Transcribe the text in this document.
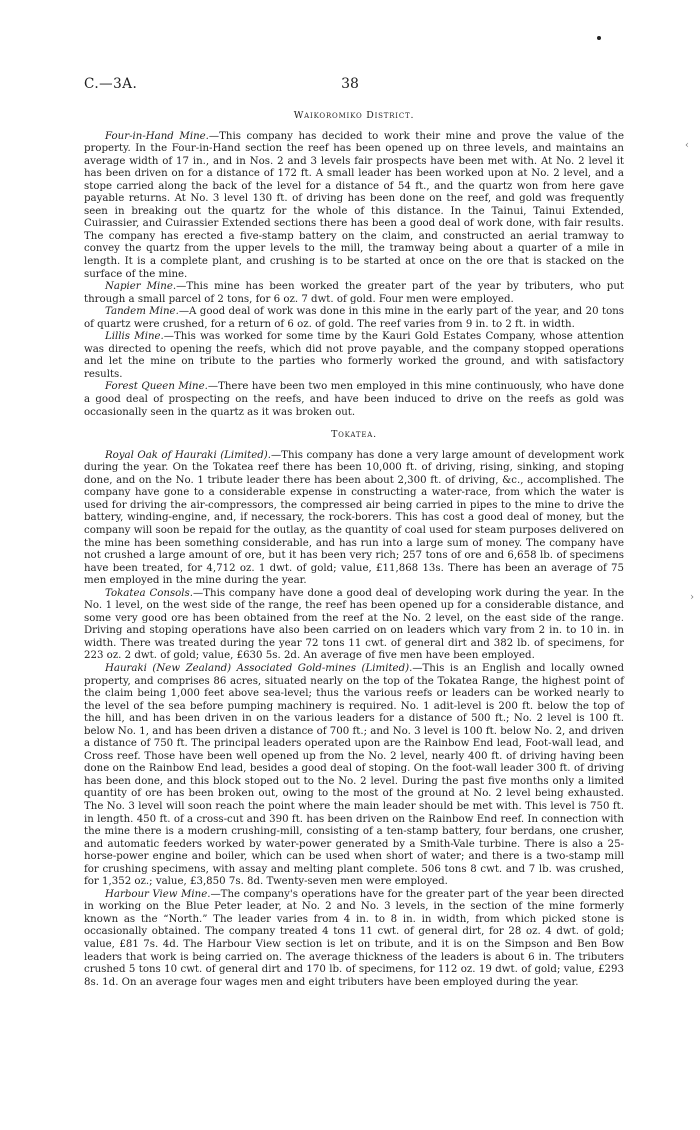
‹
›
C.—3A.	38
Waikoromiko District.

Four-in-Hand Mine.—This company has decided to work their mine and prove the value of the property. In the Four-in-Hand section the reef has been opened up on three levels, and maintains an average width of 17 in., and in Nos. 2 and 3 levels fair prospects have been met with. At No. 2 level it has been driven on for a distance of 172 ft. A small leader has been worked upon at No. 2 level, and a stope carried along the back of the level for a distance of 54 ft., and the quartz won from here gave payable returns. At No. 3 level 130 ft. of driving has been done on the reef, and gold was frequently seen in breaking out the quartz for the whole of this distance. In the Tainui, Tainui Extended, Cuirassier, and Cuirassier Extended sections there has been a good deal of work done, with fair results. The company has erected a five-stamp battery on the claim, and constructed an aerial tramway to convey the quartz from the upper levels to the mill, the tramway being about a quarter of a mile in length. It is a complete plant, and crushing is to be started at once on the ore that is stacked on the surface of the mine.

Napier Mine.—This mine has been worked the greater part of the year by tributers, who put through a small parcel of 2 tons, for 6 oz. 7 dwt. of gold. Four men were employed.

Tandem Mine.—A good deal of work was done in this mine in the early part of the year, and 20 tons of quartz were crushed, for a return of 6 oz. of gold. The reef varies from 9 in. to 2 ft. in width.

Lillis Mine.—This was worked for some time by the Kauri Gold Estates Company, whose attention was directed to opening the reefs, which did not prove payable, and the company stopped operations and let the mine on tribute to the parties who formerly worked the ground, and with satisfactory results.

Forest Queen Mine.—There have been two men employed in this mine continuously, who have done a good deal of prospecting on the reefs, and have been induced to drive on the reefs as gold was occasionally seen in the quartz as it was broken out.

Tokatea.

Royal Oak of Hauraki (Limited).—This company has done a very large amount of development work during the year. On the Tokatea reef there has been 10,000 ft. of driving, rising, sinking, and stoping done, and on the No. 1 tribute leader there has been about 2,300 ft. of driving, &c., accomplished. The company have gone to a considerable expense in constructing a water-race, from which the water is used for driving the air-compressors, the compressed air being carried in pipes to the mine to drive the battery, winding-engine, and, if necessary, the rock-borers. This has cost a good deal of money, but the company will soon be repaid for the outlay, as the quantity of coal used for steam purposes delivered on the mine has been something considerable, and has run into a large sum of money. The company have not crushed a large amount of ore, but it has been very rich; 257 tons of ore and 6,658 lb. of specimens have been treated, for 4,712 oz. 1 dwt. of gold; value, £11,868 13s. There has been an average of 75 men employed in the mine during the year.

Tokatea Consols.—This company have done a good deal of developing work during the year. In the No. 1 level, on the west side of the range, the reef has been opened up for a considerable distance, and some very good ore has been obtained from the reef at the No. 2 level, on the east side of the range. Driving and stoping operations have also been carried on on leaders which vary from 2 in. to 10 in. in width. There was treated during the year 72 tons 11 cwt. of general dirt and 382 lb. of specimens, for 223 oz. 2 dwt. of gold; value, £630 5s. 2d. An average of five men have been employed.

Hauraki (New Zealand) Associated Gold-mines (Limited).—This is an English and locally owned property, and comprises 86 acres, situated nearly on the top of the Tokatea Range, the highest point of the claim being 1,000 feet above sea-level; thus the various reefs or leaders can be worked nearly to the level of the sea before pumping machinery is required. No. 1 adit-level is 200 ft. below the top of the hill, and has been driven in on the various leaders for a distance of 500 ft.; No. 2 level is 100 ft. below No. 1, and has been driven a distance of 700 ft.; and No. 3 level is 100 ft. below No. 2, and driven a distance of 750 ft. The principal leaders operated upon are the Rainbow End lead, Foot-wall lead, and Cross reef. Those have been well opened up from the No. 2 level, nearly 400 ft. of driving having been done on the Rainbow End lead, besides a good deal of stoping. On the foot-wall leader 300 ft. of driving has been done, and this block stoped out to the No. 2 level. During the past five months only a limited quantity of ore has been broken out, owing to the most of the ground at No. 2 level being exhausted. The No. 3 level will soon reach the point where the main leader should be met with. This level is 750 ft. in length. 450 ft. of a cross-cut and 390 ft. has been driven on the Rainbow End reef. In connection with the mine there is a modern crushing-mill, consisting of a ten-stamp battery, four berdans, one crusher, and automatic feeders worked by water-power generated by a Smith-Vale turbine. There is also a 25-horse-power engine and boiler, which can be used when short of water; and there is a two-stamp mill for crushing specimens, with assay and melting plant complete. 506 tons 8 cwt. and 7 lb. was crushed, for 1,352 oz.; value, £3,850 7s. 8d. Twenty-seven men were employed.

Harbour View Mine.—The company's operations have for the greater part of the year been directed in working on the Blue Peter leader, at No. 2 and No. 3 levels, in the section of the mine formerly known as the “North.” The leader varies from 4 in. to 8 in. in width, from which picked stone is occasionally obtained. The company treated 4 tons 11 cwt. of general dirt, for 28 oz. 4 dwt. of gold; value, £81 7s. 4d. The Harbour View section is let on tribute, and it is on the Simpson and Ben Bow leaders that work is being carried on. The average thickness of the leaders is about 6 in. The tributers crushed 5 tons 10 cwt. of general dirt and 170 lb. of specimens, for 112 oz. 19 dwt. of gold; value, £293 8s. 1d. On an average four wages men and eight tributers have been employed during the year.
